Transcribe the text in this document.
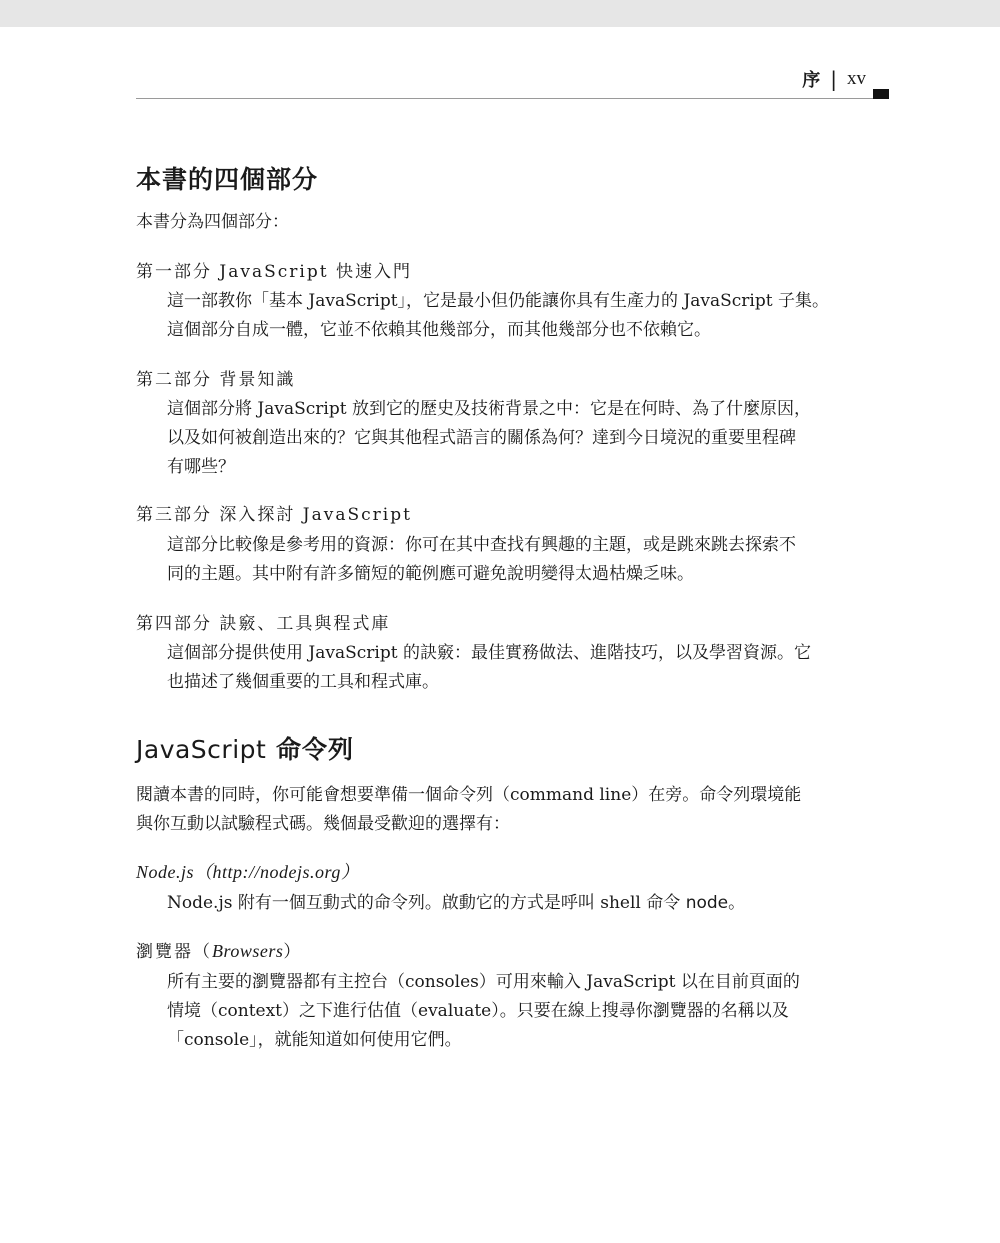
序 | xv
本書的四個部分

本書分為四個部分：

第一部分 JavaScript 快速入門

這一部教你「基本 JavaScript」，它是最小但仍能讓你具有生產力的 JavaScript 子集。
這個部分自成一體，它並不依賴其他幾部分，而其他幾部分也不依賴它。

第二部分 背景知識

這個部分將 JavaScript 放到它的歷史及技術背景之中：它是在何時、為了什麼原因，
以及如何被創造出來的？它與其他程式語言的關係為何？達到今日境況的重要里程碑
有哪些？

第三部分 深入探討 JavaScript

這部分比較像是參考用的資源：你可在其中查找有興趣的主題，或是跳來跳去探索不
同的主題。其中附有許多簡短的範例應可避免說明變得太過枯燥乏味。

第四部分 訣竅、工具與程式庫

這個部分提供使用 JavaScript 的訣竅：最佳實務做法、進階技巧，以及學習資源。它
也描述了幾個重要的工具和程式庫。
JavaScript 命令列
閱讀本書的同時，你可能會想要準備一個命令列（command line）在旁。命令列環境能
與你互動以試驗程式碼。幾個最受歡迎的選擇有：

Node.js（http://nodejs.org）

Node.js 附有一個互動式的命令列。啟動它的方式是呼叫 shell 命令 node。

瀏覽器（Browsers）

所有主要的瀏覽器都有主控台（consoles）可用來輸入 JavaScript 以在目前頁面的
情境（context）之下進行估值（evaluate）。只要在線上搜尋你瀏覽器的名稱以及
「console」，就能知道如何使用它們。
